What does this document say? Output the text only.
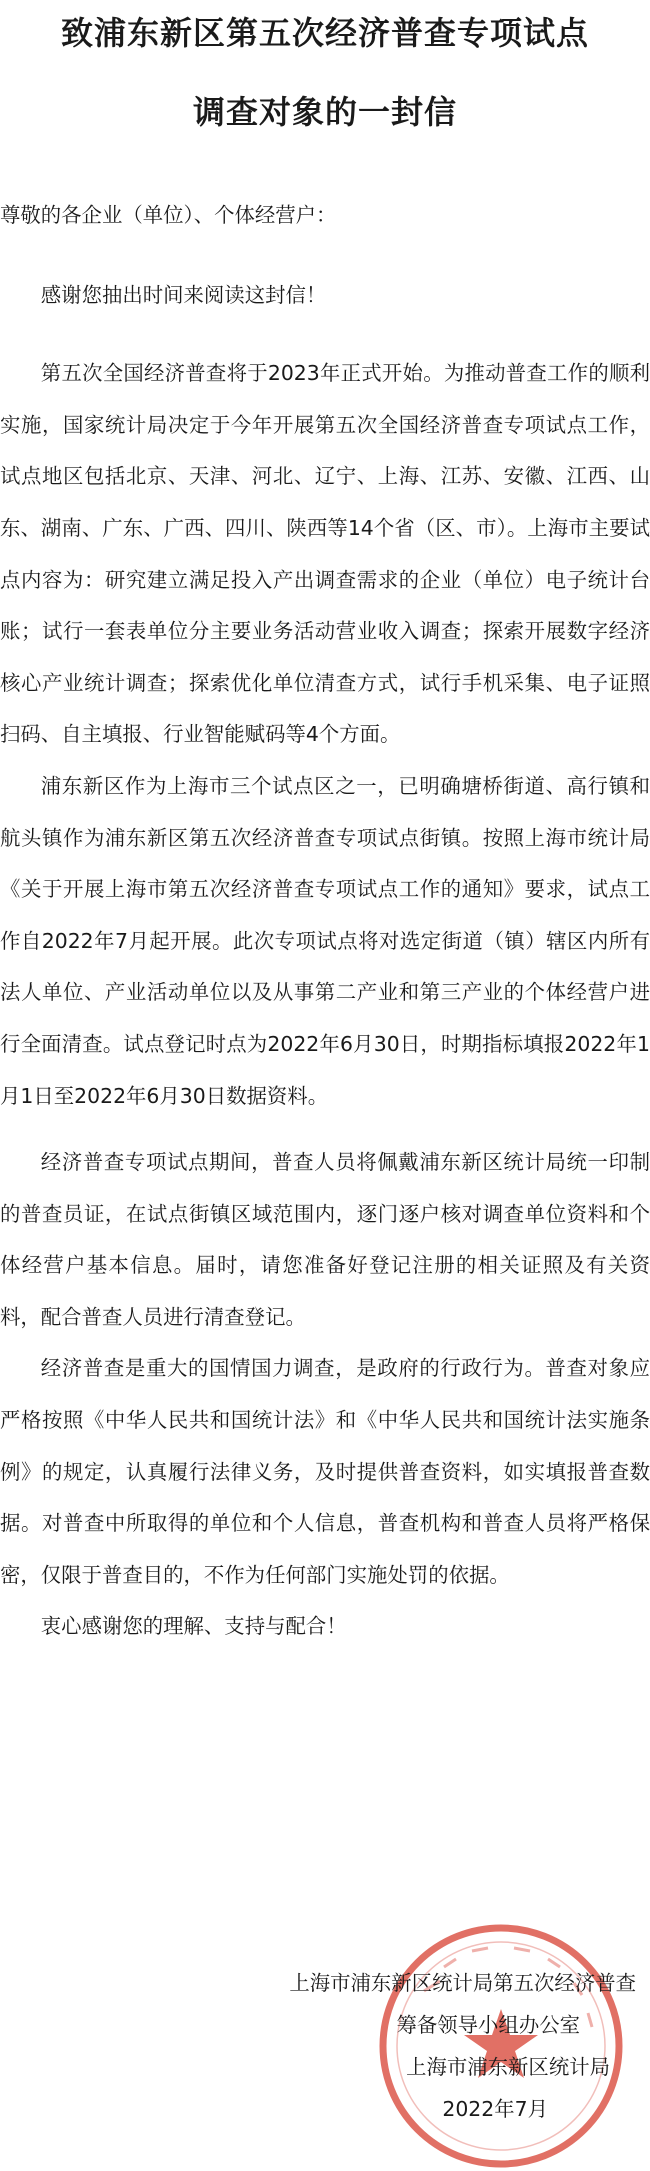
致浦东新区第五次经济普查专项试点
调查对象的一封信

尊敬的各企业（单位）、个体经营户：

感谢您抽出时间来阅读这封信！

第五次全国经济普查将于2023年正式开始。为推动普查工作的顺利实施，国家统计局决定于今年开展第五次全国经济普查专项试点工作，试点地区包括北京、天津、河北、辽宁、上海、江苏、安徽、江西、山东、湖南、广东、广西、四川、陕西等14个省（区、市）。上海市主要试点内容为：研究建立满足投入产出调查需求的企业（单位）电子统计台账；试行一套表单位分主要业务活动营业收入调查；探索开展数字经济核心产业统计调查；探索优化单位清查方式，试行手机采集、电子证照扫码、自主填报、行业智能赋码等4个方面。

浦东新区作为上海市三个试点区之一，已明确塘桥街道、高行镇和航头镇作为浦东新区第五次经济普查专项试点街镇。按照上海市统计局《关于开展上海市第五次经济普查专项试点工作的通知》要求，试点工作自2022年7月起开展。此次专项试点将对选定街道（镇）辖区内所有法人单位、产业活动单位以及从事第二产业和第三产业的个体经营户进行全面清查。试点登记时点为2022年6月30日，时期指标填报2022年1月1日至2022年6月30日数据资料。

经济普查专项试点期间，普查人员将佩戴浦东新区统计局统一印制的普查员证，在试点街镇区域范围内，逐门逐户核对调查单位资料和个体经营户基本信息。届时，请您准备好登记注册的相关证照及有关资料，配合普查人员进行清查登记。

经济普查是重大的国情国力调查，是政府的行政行为。普查对象应严格按照《中华人民共和国统计法》和《中华人民共和国统计法实施条例》的规定，认真履行法律义务，及时提供普查资料，如实填报普查数据。对普查中所取得的单位和个人信息，普查机构和普查人员将严格保密，仅限于普查目的，不作为任何部门实施处罚的依据。

衷心感谢您的理解、支持与配合！

上海市浦东新区统计局第五次经济普查
筹备领导小组办公室
上海市浦东新区统计局
2022年7月
